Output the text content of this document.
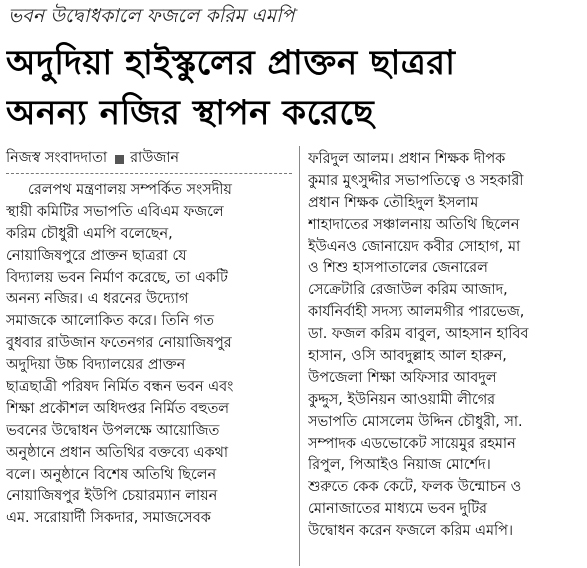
ভবন উদ্বোধকালে ফজলে করিম এমপি
অদুদিয়া হাইস্কুলের প্রাক্তন ছাত্ররা
অনন্য নজির স্থাপন করেছে
নিজস্ব সংবাদদাতা রাউজান
রেলপথ মন্ত্রণালয় সম্পর্কিত সংসদীয়
স্থায়ী কমিটির সভাপতি এবিএম ফজলে
করিম চৌধুরী এমপি বলেছেন,
নোয়াজিষপুরে প্রাক্তন ছাত্ররা যে
বিদ্যালয় ভবন নির্মাণ করেছে, তা একটি
অনন্য নজির। এ ধরনের উদ্যোগ
সমাজকে আলোকিত করে। তিনি গত
বুধবার রাউজান ফতেনগর নোয়াজিষপুর
অদুদিয়া উচ্চ বিদ্যালয়ের প্রাক্তন
ছাত্রছাত্রী পরিষদ নির্মিত বন্ধন ভবন এবং
শিক্ষা প্রকৌশল অধিদপ্তর নির্মিত বহুতল
ভবনের উদ্বোধন উপলক্ষে আয়োজিত
অনুষ্ঠানে প্রধান অতিথির বক্তব্যে একথা
বলে। অনুষ্ঠানে বিশেষ অতিথি ছিলেন
নোয়াজিষপুর ইউপি চেয়ারম্যান লায়ন
এম. সরোয়ার্দী সিকদার, সমাজসেবক
ফরিদুল আলম। প্রধান শিক্ষক দীপক
কুমার মুৎসুদ্দীর সভাপতিত্বে ও সহকারী
প্রধান শিক্ষক তৌহিদুল ইসলাম
শাহাদাতের সঞ্চালনায় অতিথি ছিলেন
ইউএনও জোনায়েদ কবীর সোহাগ, মা
ও শিশু হাসপাতালের জেনারেল
সেক্রেটারি রেজাউল করিম আজাদ,
কার্যনির্বাহী সদস্য আলমগীর পারভেজ,
ডা. ফজল করিম বাবুল, আহসান হাবিব
হাসান, ওসি আবদুল্লাহ আল হারুন,
উপজেলা শিক্ষা অফিসার আবদুল
কুদ্দুস, ইউনিয়ন আওয়ামী লীগের
সভাপতি মোসলেম উদ্দিন চৌধুরী, সা.
সম্পাদক এডভোকেট সায়েমুর রহমান
রিপুল, পিআইও নিয়াজ মোর্শেদ।
শুরুতে কেক কেটে, ফলক উন্মোচন ও
মোনাজাতের মাধ্যমে ভবন দুটির
উদ্বোধন করেন ফজলে করিম এমপি।
